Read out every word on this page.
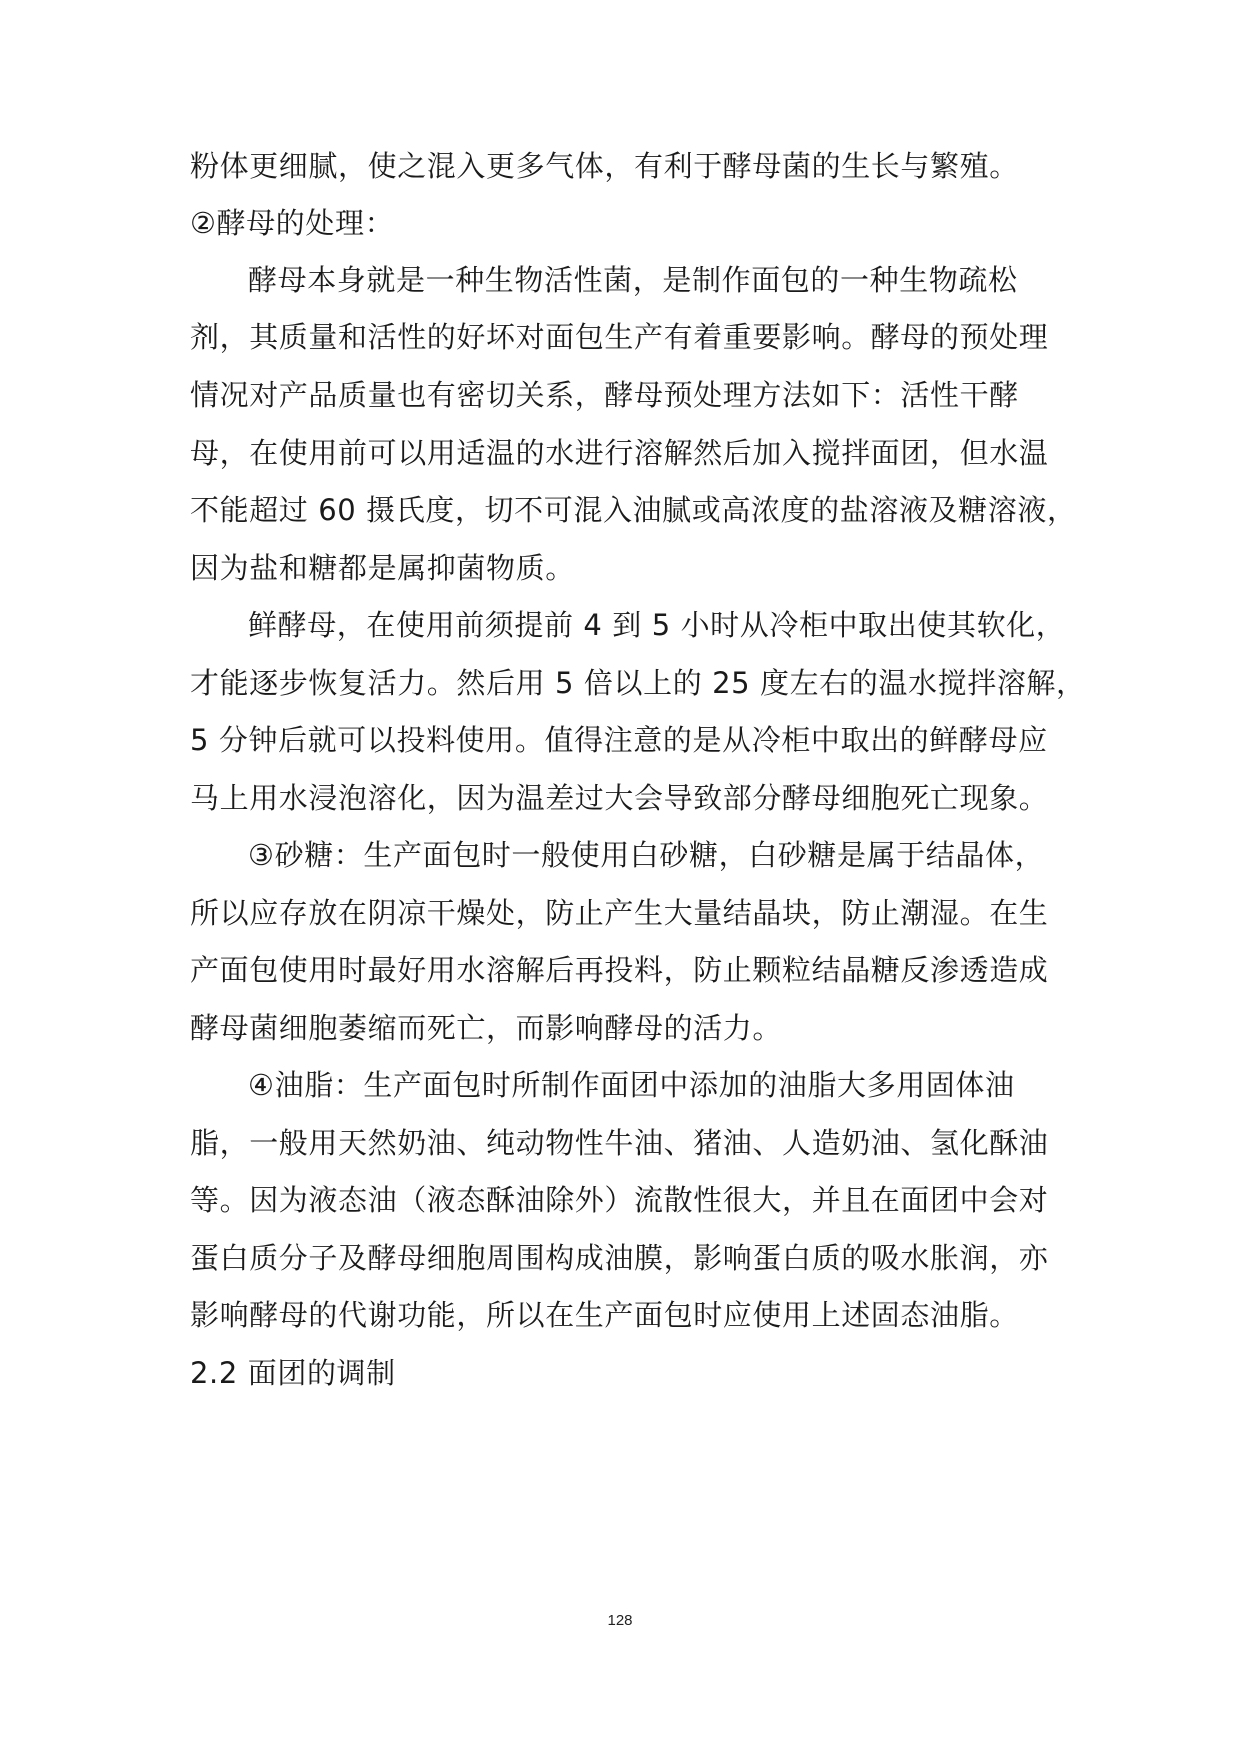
粉体更细腻，使之混入更多气体，有利于酵母菌的生长与繁殖。
②酵母的处理：
酵母本身就是一种生物活性菌，是制作面包的一种生物疏松
剂，其质量和活性的好坏对面包生产有着重要影响。酵母的预处理
情况对产品质量也有密切关系，酵母预处理方法如下：活性干酵
母，在使用前可以用适温的水进行溶解然后加入搅拌面团，但水温
不能超过 60 摄氏度，切不可混入油腻或高浓度的盐溶液及糖溶液，
因为盐和糖都是属抑菌物质。
鲜酵母，在使用前须提前 4 到 5 小时从冷柜中取出使其软化，
才能逐步恢复活力。然后用 5 倍以上的 25 度左右的温水搅拌溶解，
5 分钟后就可以投料使用。值得注意的是从冷柜中取出的鲜酵母应
马上用水浸泡溶化，因为温差过大会导致部分酵母细胞死亡现象。
③砂糖：生产面包时一般使用白砂糖，白砂糖是属于结晶体，
所以应存放在阴凉干燥处，防止产生大量结晶块，防止潮湿。在生
产面包使用时最好用水溶解后再投料，防止颗粒结晶糖反渗透造成
酵母菌细胞萎缩而死亡，而影响酵母的活力。
④油脂：生产面包时所制作面团中添加的油脂大多用固体油
脂，一般用天然奶油、纯动物性牛油、猪油、人造奶油、氢化酥油
等。因为液态油（液态酥油除外）流散性很大，并且在面团中会对
蛋白质分子及酵母细胞周围构成油膜，影响蛋白质的吸水胀润，亦
影响酵母的代谢功能，所以在生产面包时应使用上述固态油脂。
2.2 面团的调制
128
